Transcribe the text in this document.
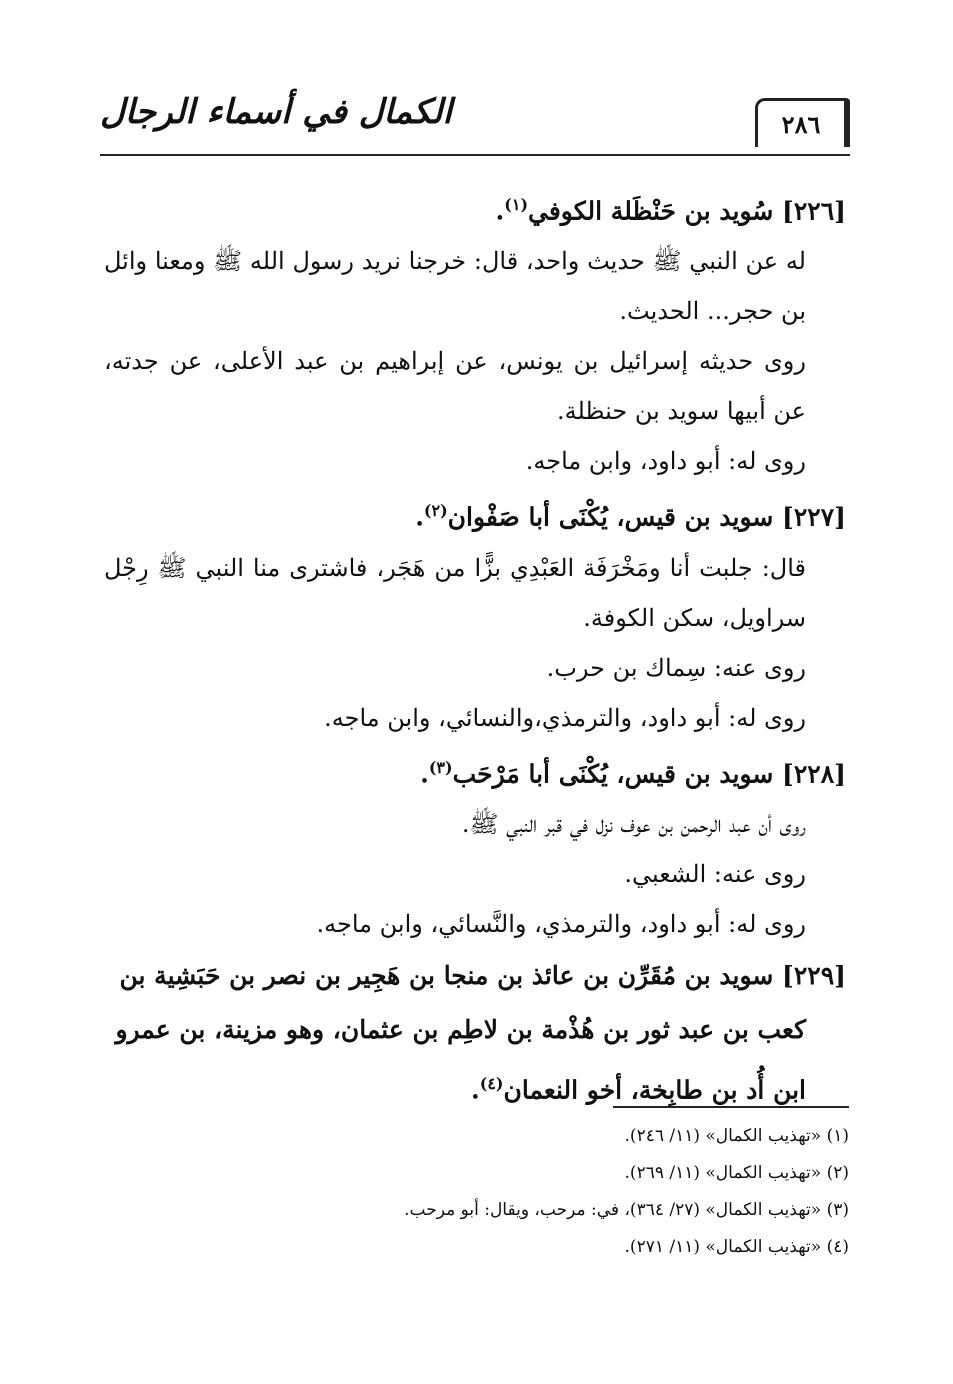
٢٨٦
الكمال في أسماء الرجال
[٢٢٦] سُويد بن حَنْظَلة الكوفي$^{(١)}$.
له عن النبي ﷺ حديث واحد، قال: خرجنا نريد رسول الله ﷺ ومعنا وائل بن حجر... الحديث.
روى حديثه إسرائيل بن يونس، عن إبراهيم بن عبد الأعلى، عن جدته، عن أبيها سويد بن حنظلة.
روى له: أبو داود، وابن ماجه.
[٢٢٧] سويد بن قيس، يُكْنَى أبا صَفْوان$^{(٢)}$.
قال: جلبت أنا ومَخْرَفَة العَبْدِي بزًّا من هَجَر، فاشترى منا النبي ﷺ رِجْل سراويل، سكن الكوفة.
روى عنه: سِماك بن حرب.
روى له: أبو داود، والترمذي،والنسائي، وابن ماجه.
[٢٢٨] سويد بن قيس، يُكْنَى أبا مَرْحَب$^{(٣)}$.
روى أن عبد الرحمن بن عوف نزل في قبر النبي ﷺ.
روى عنه: الشعبي.
روى له: أبو داود، والترمذي، والنَّسائي، وابن ماجه.
[٢٢٩] سويد بن مُقَرِّن بن عائذ بن منجا بن هَجِير بن نصر بن حَبَشِية بن
كعب بن عبد ثور بن هُذْمة بن لاطِم بن عثمان، وهو مزينة، بن عمرو
ابن أُد بن طابِخة، أخو النعمان$^{(٤)}$.
(١) «تهذيب الكمال» (١١/ ٢٤٦).
(٢) «تهذيب الكمال» (١١/ ٢٦٩).
(٣) «تهذيب الكمال» (٢٧/ ٣٦٤)، في: مرحب، ويقال: أبو مرحب.
(٤) «تهذيب الكمال» (١١/ ٢٧١).
